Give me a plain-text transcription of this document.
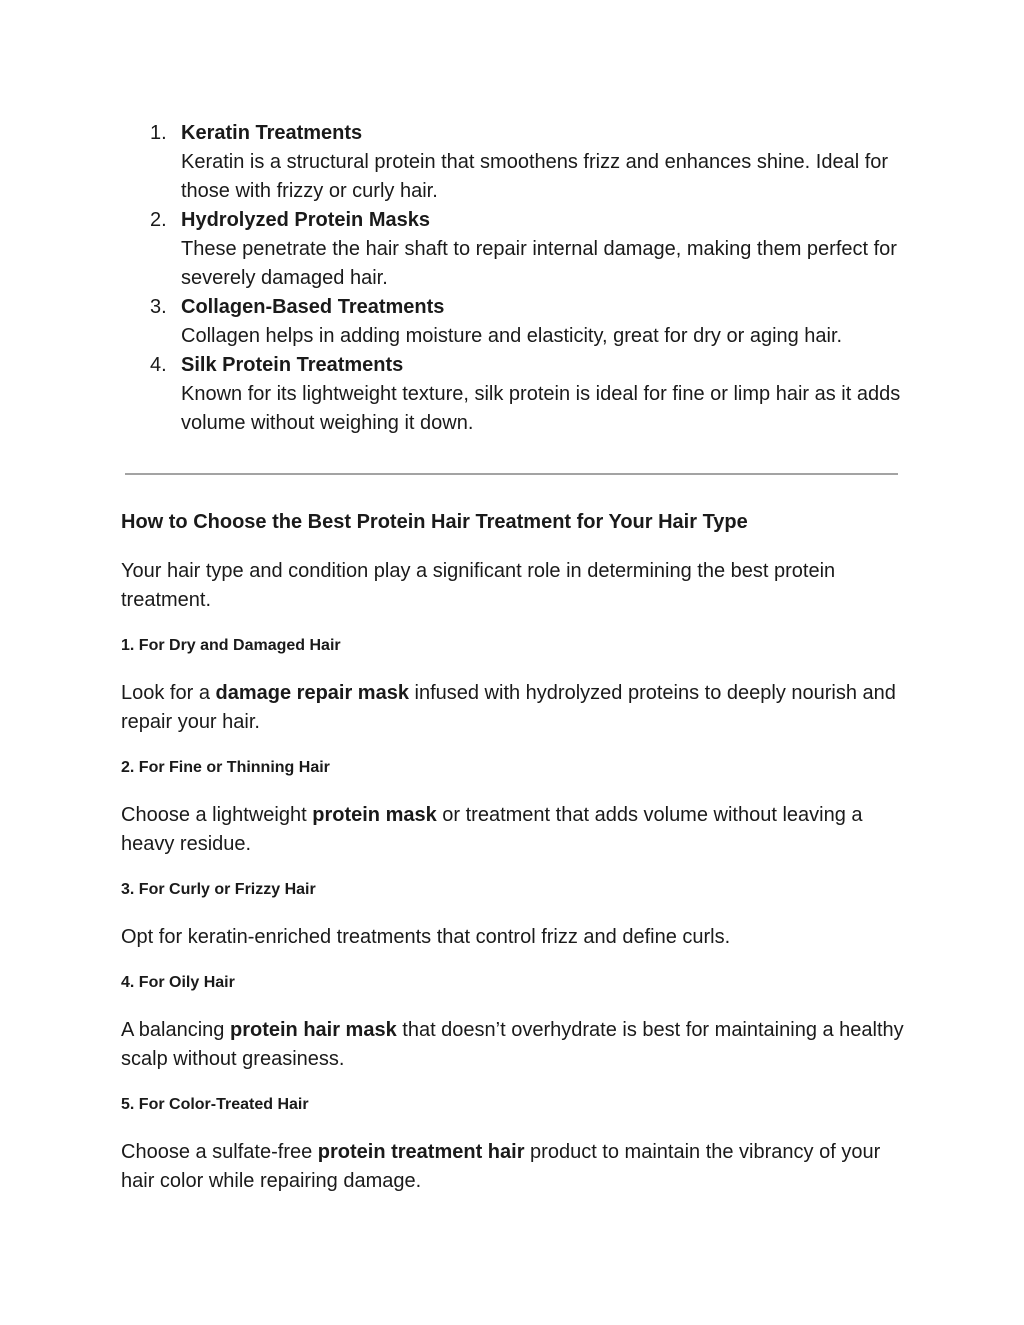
1. Keratin Treatments
Keratin is a structural protein that smoothens frizz and enhances shine. Ideal for those with frizzy or curly hair.
2. Hydrolyzed Protein Masks
These penetrate the hair shaft to repair internal damage, making them perfect for severely damaged hair.
3. Collagen-Based Treatments
Collagen helps in adding moisture and elasticity, great for dry or aging hair.
4. Silk Protein Treatments
Known for its lightweight texture, silk protein is ideal for fine or limp hair as it adds volume without weighing it down.
How to Choose the Best Protein Hair Treatment for Your Hair Type
Your hair type and condition play a significant role in determining the best protein treatment.
1. For Dry and Damaged Hair
Look for a damage repair mask infused with hydrolyzed proteins to deeply nourish and repair your hair.
2. For Fine or Thinning Hair
Choose a lightweight protein mask or treatment that adds volume without leaving a heavy residue.
3. For Curly or Frizzy Hair
Opt for keratin-enriched treatments that control frizz and define curls.
4. For Oily Hair
A balancing protein hair mask that doesn’t overhydrate is best for maintaining a healthy scalp without greasiness.
5. For Color-Treated Hair
Choose a sulfate-free protein treatment hair product to maintain the vibrancy of your hair color while repairing damage.
